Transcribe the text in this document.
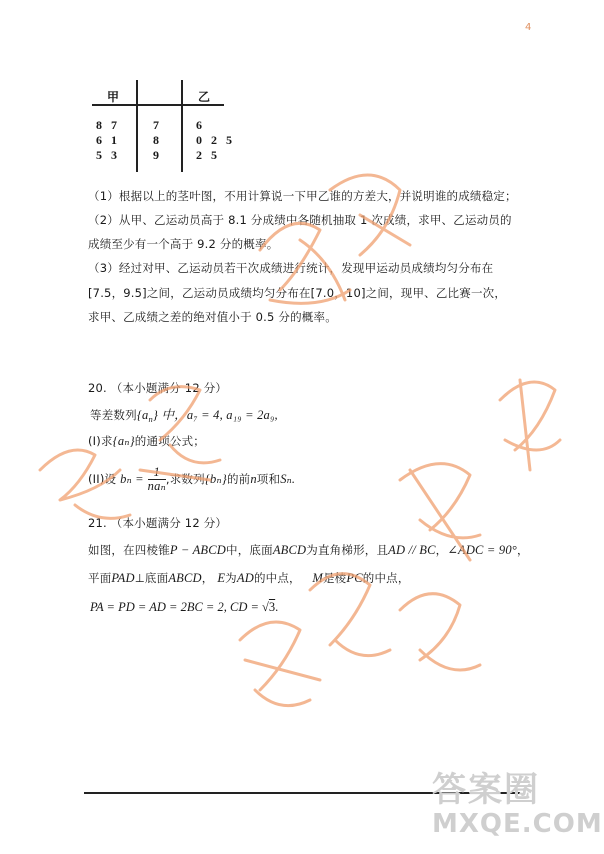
4
甲	乙
8 7	7	6
6 1	8	0 2 5
5 3	9	2 5
（1）根据以上的茎叶图，不用计算说一下甲乙谁的方差大，并说明谁的成绩稳定；
（2）从甲、乙运动员高于 8.1 分成绩中各随机抽取 1 次成绩，求甲、乙运动员的
成绩至少有一个高于 9.2 分的概率。
（3）经过对甲、乙运动员若干次成绩进行统计，发现甲运动员成绩均匀分布在
[7.5，9.5]之间，乙运动员成绩均匀分布在[7.0，10]之间，现甲、乙比赛一次，
求甲、乙成绩之差的绝对值小于 0.5 分的概率。
20. （本小题满分 12 分）
等差数列$\{a_n\}$ 中，a₇ = 4, a₁₉ = 2a₉,
(I)求{aₙ}的通项公式；
(II)设 $b_n = \frac{1}{\text{naₙ}}$ ,求数列{bₙ}的前n项和Sₙ.
21. （本小题满分 12 分）
如图，在四棱锥P − ABCD中，底面ABCD为直角梯形，且AD // BC，∠ADC = 90°，
平面PAD⊥底面ABCD， E为AD的中点， M是棱PC的中点，
PA = PD = AD = 2BC = 2, CD = √3.
答案圈
MXQE.COM
